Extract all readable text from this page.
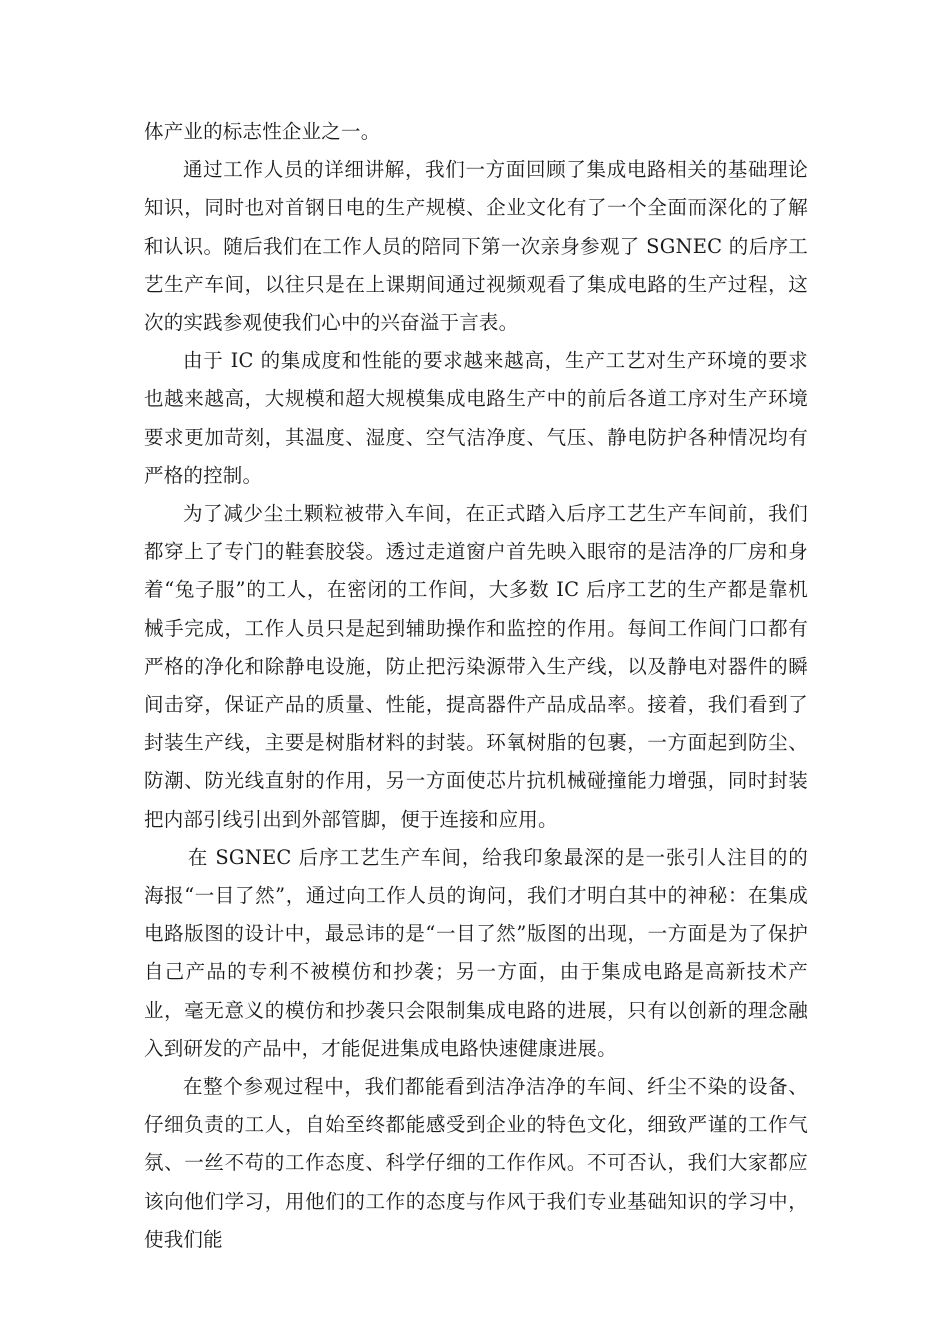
体产业的标志性企业之一。

通过工作人员的详细讲解，我们一方面回顾了集成电路相关的基础理论知识，同时也对首钢日电的生产规模、企业文化有了一个全面而深化的了解和认识。随后我们在工作人员的陪同下第一次亲身参观了 SGNEC 的后序工艺生产车间，以往只是在上课期间通过视频观看了集成电路的生产过程，这次的实践参观使我们心中的兴奋溢于言表。

由于 IC 的集成度和性能的要求越来越高，生产工艺对生产环境的要求也越来越高，大规模和超大规模集成电路生产中的前后各道工序对生产环境要求更加苛刻，其温度、湿度、空气洁净度、气压、静电防护各种情况均有严格的控制。

为了减少尘土颗粒被带入车间，在正式踏入后序工艺生产车间前，我们都穿上了专门的鞋套胶袋。透过走道窗户首先映入眼帘的是洁净的厂房和身着“兔子服”的工人，在密闭的工作间，大多数 IC 后序工艺的生产都是靠机械手完成，工作人员只是起到辅助操作和监控的作用。每间工作间门口都有严格的净化和除静电设施，防止把污染源带入生产线，以及静电对器件的瞬间击穿，保证产品的质量、性能，提高器件产品成品率。接着，我们看到了封装生产线，主要是树脂材料的封装。环氧树脂的包裹，一方面起到防尘、防潮、防光线直射的作用，另一方面使芯片抗机械碰撞能力增强，同时封装把内部引线引出到外部管脚，便于连接和应用。

在 SGNEC 后序工艺生产车间，给我印象最深的是一张引人注目的的海报“一目了然”，通过向工作人员的询问，我们才明白其中的神秘：在集成电路版图的设计中，最忌讳的是“一目了然”版图的出现，一方面是为了保护自己产品的专利不被模仿和抄袭；另一方面，由于集成电路是高新技术产业，毫无意义的模仿和抄袭只会限制集成电路的进展，只有以创新的理念融入到研发的产品中，才能促进集成电路快速健康进展。

在整个参观过程中，我们都能看到洁净洁净的车间、纤尘不染的设备、仔细负责的工人，自始至终都能感受到企业的特色文化，细致严谨的工作气氛、一丝不苟的工作态度、科学仔细的工作作风。不可否认，我们大家都应该向他们学习，用他们的工作的态度与作风于我们专业基础知识的学习中，使我们能
